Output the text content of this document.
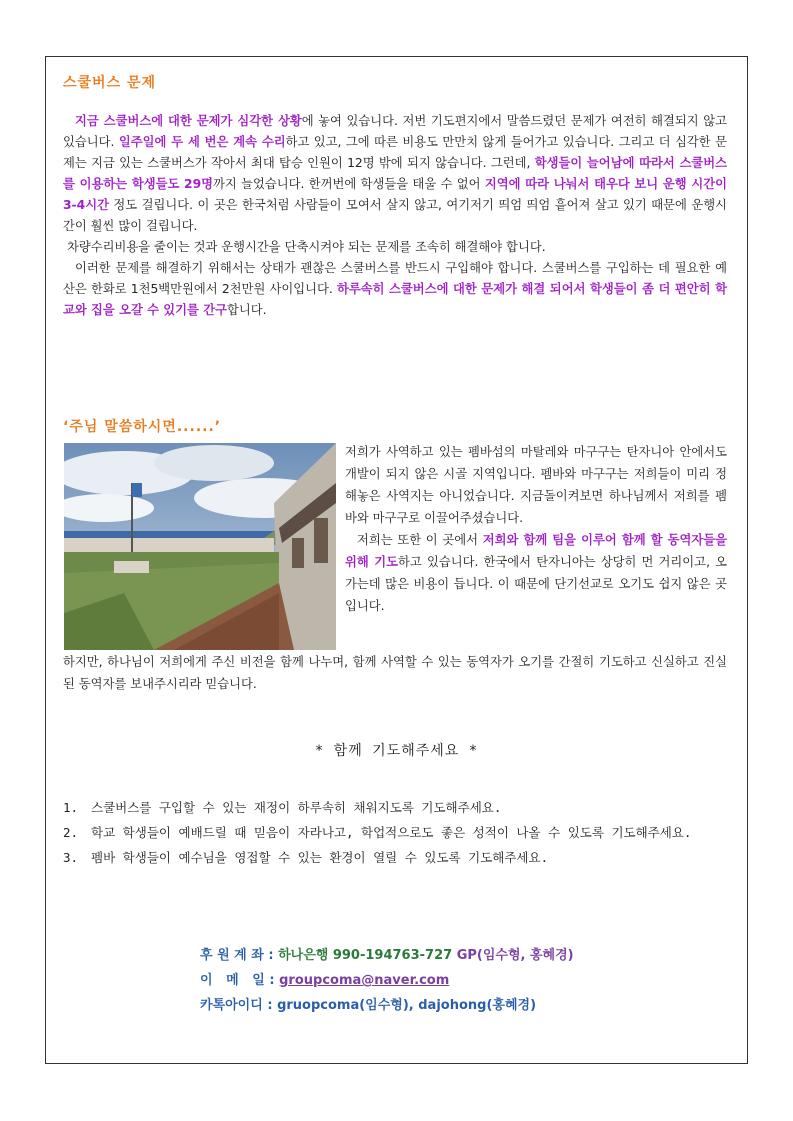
스쿨버스 문제

지금 스쿨버스에 대한 문제가 심각한 상황에 놓여 있습니다. 저번 기도편지에서 말씀드렸던 문제가 여전히 해결되지 않고 있습니다. 일주일에 두 세 번은 계속 수리하고 있고, 그에 따른 비용도 만만치 않게 들어가고 있습니다. 그리고 더 심각한 문제는 지금 있는 스쿨버스가 작아서 최대 탑승 인원이 12명 밖에 되지 않습니다. 그런데, 학생들이 늘어남에 따라서 스쿨버스를 이용하는 학생들도 29명까지 늘었습니다. 한꺼번에 학생들을 태울 수 없어 지역에 따라 나눠서 태우다 보니 운행 시간이 3-4시간 정도 걸립니다. 이 곳은 한국처럼 사람들이 모여서 살지 않고, 여기저기 띄엄 띄엄 흩어져 살고 있기 때문에 운행시간이 훨씬 많이 걸립니다.

차량수리비용을 줄이는 것과 운행시간을 단축시켜야 되는 문제를 조속히 해결해야 합니다.

이러한 문제를 해결하기 위해서는 상태가 괜찮은 스쿨버스를 반드시 구입해야 합니다. 스쿨버스를 구입하는 데 필요한 예산은 한화로 1천5백만원에서 2천만원 사이입니다. 하루속히 스쿨버스에 대한 문제가 해결 되어서 학생들이 좀 더 편안히 학교와 집을 오갈 수 있기를 간구합니다.

‘주님 말씀하시면......’

저희가 사역하고 있는 펨바섬의 마탈레와 마구구는 탄자니아 안에서도 개발이 되지 않은 시골 지역입니다. 펨바와 마구구는 저희들이 미리 정해놓은 사역지는 아니었습니다. 지금돌이켜보면 하나님께서 저희를 펨바와 마구구로 이끌어주셨습니다.

저희는 또한 이 곳에서 저희와 함께 팀을 이루어 함께 할 동역자들을 위해 기도하고 있습니다. 한국에서 탄자니아는 상당히 먼 거리이고, 오가는데 많은 비용이 듭니다. 이 때문에 단기선교로 오기도 쉽지 않은 곳입니다.

하지만, 하나님이 저희에게 주신 비전을 함께 나누며, 함께 사역할 수 있는 동역자가 오기를 간절히 기도하고 신실하고 진실된 동역자를 보내주시리라 믿습니다.

* 함께 기도해주세요 *
1. 스쿨버스를 구입할 수 있는 재정이 하루속히 채워지도록 기도해주세요.
2. 학교 학생들이 예배드릴 때 믿음이 자라나고, 학업적으로도 좋은 성적이 나올 수 있도록 기도해주세요.
3. 펨바 학생들이 예수님을 영접할 수 있는 환경이 열릴 수 있도록 기도해주세요.
후 원 계 좌 : 하나은행 990-194763-727 GP(임수형, 홍혜경)
이   메   일 : groupcoma@naver.com
카톡아이디 : gruopcoma(임수형), dajohong(홍혜경)
